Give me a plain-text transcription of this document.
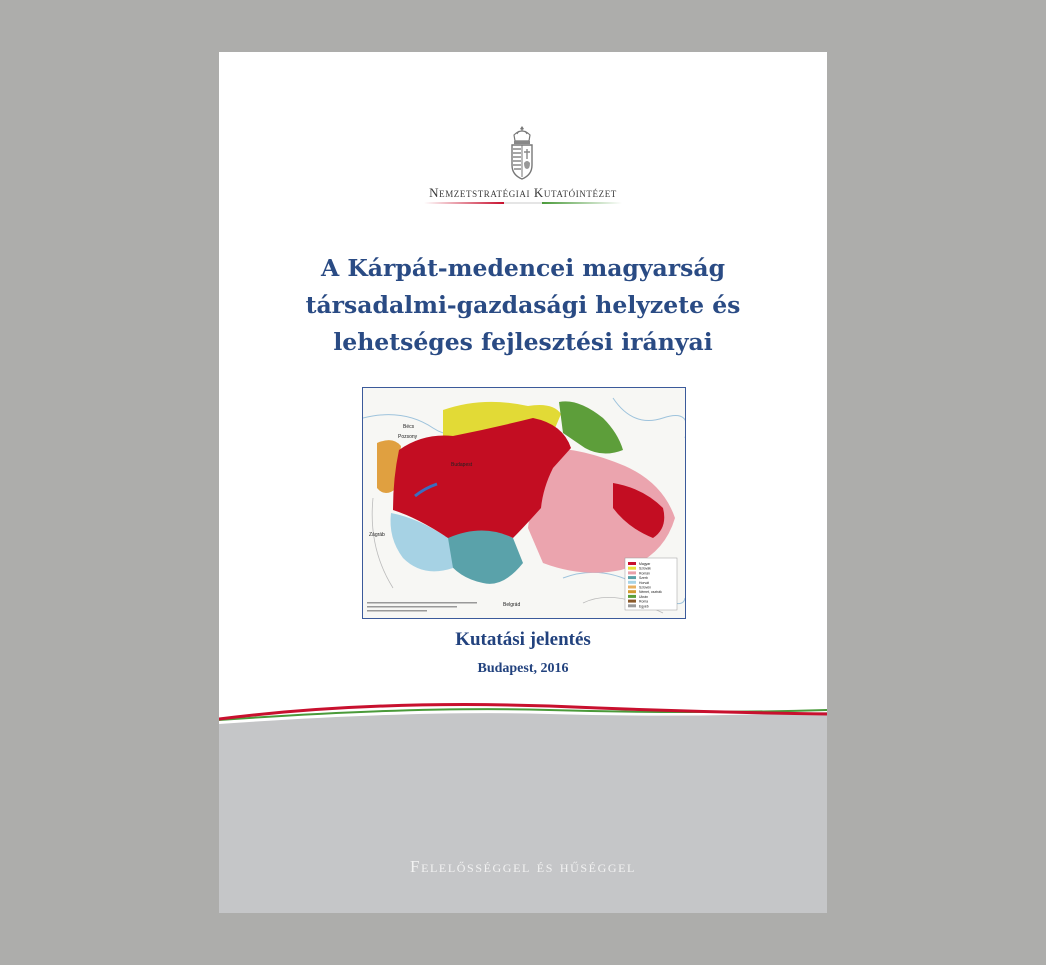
Nemzetstratégiai Kutatóintézet
A Kárpát-medencei magyarság
társadalmi-gazdasági helyzete és
lehetséges fejlesztési irányai
Magyar
Szlovák
Román
Szerb
Horvát
Szlovén
Német, osztrák
Ukrán
Roma
Egyéb
Bécs
Pozsony
Zágráb
Belgrád
Budapest
Kutatási jelentés
Budapest, 2016
Felelősséggel és hűséggel
